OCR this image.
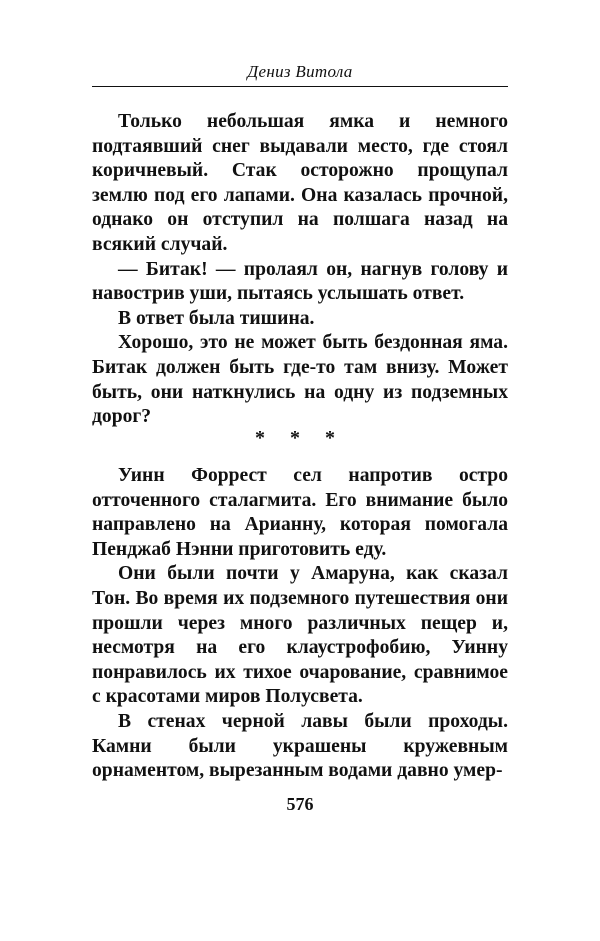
Дениз Витола

Только небольшая ямка и немного подтаявший снег выдавали место, где стоял коричневый. Стак осторожно прощупал землю под его лапами. Она казалась прочной, однако он отступил на полшага назад на всякий случай.

— Битак! — пролаял он, нагнув голову и навострив уши, пытаясь услышать ответ.

В ответ была тишина.

Хорошо, это не может быть бездонная яма. Битак должен быть где-то там внизу. Может быть, они наткнулись на одну из подземных дорог?

* * *

Уинн Форрест сел напротив остро отточенного сталагмита. Его внимание было направлено на Арианну, которая помогала Пенджаб Нэнни приготовить еду.

Они были почти у Амаруна, как сказал Тон. Во время их подземного путешествия они прошли через много различных пещер и, несмотря на его клаустрофобию, Уинну понравилось их тихое очарование, сравнимое с красотами миров Полусвета.

В стенах черной лавы были проходы. Камни были украшены кружевным орнаментом, вырезанным водами давно умер-

576
